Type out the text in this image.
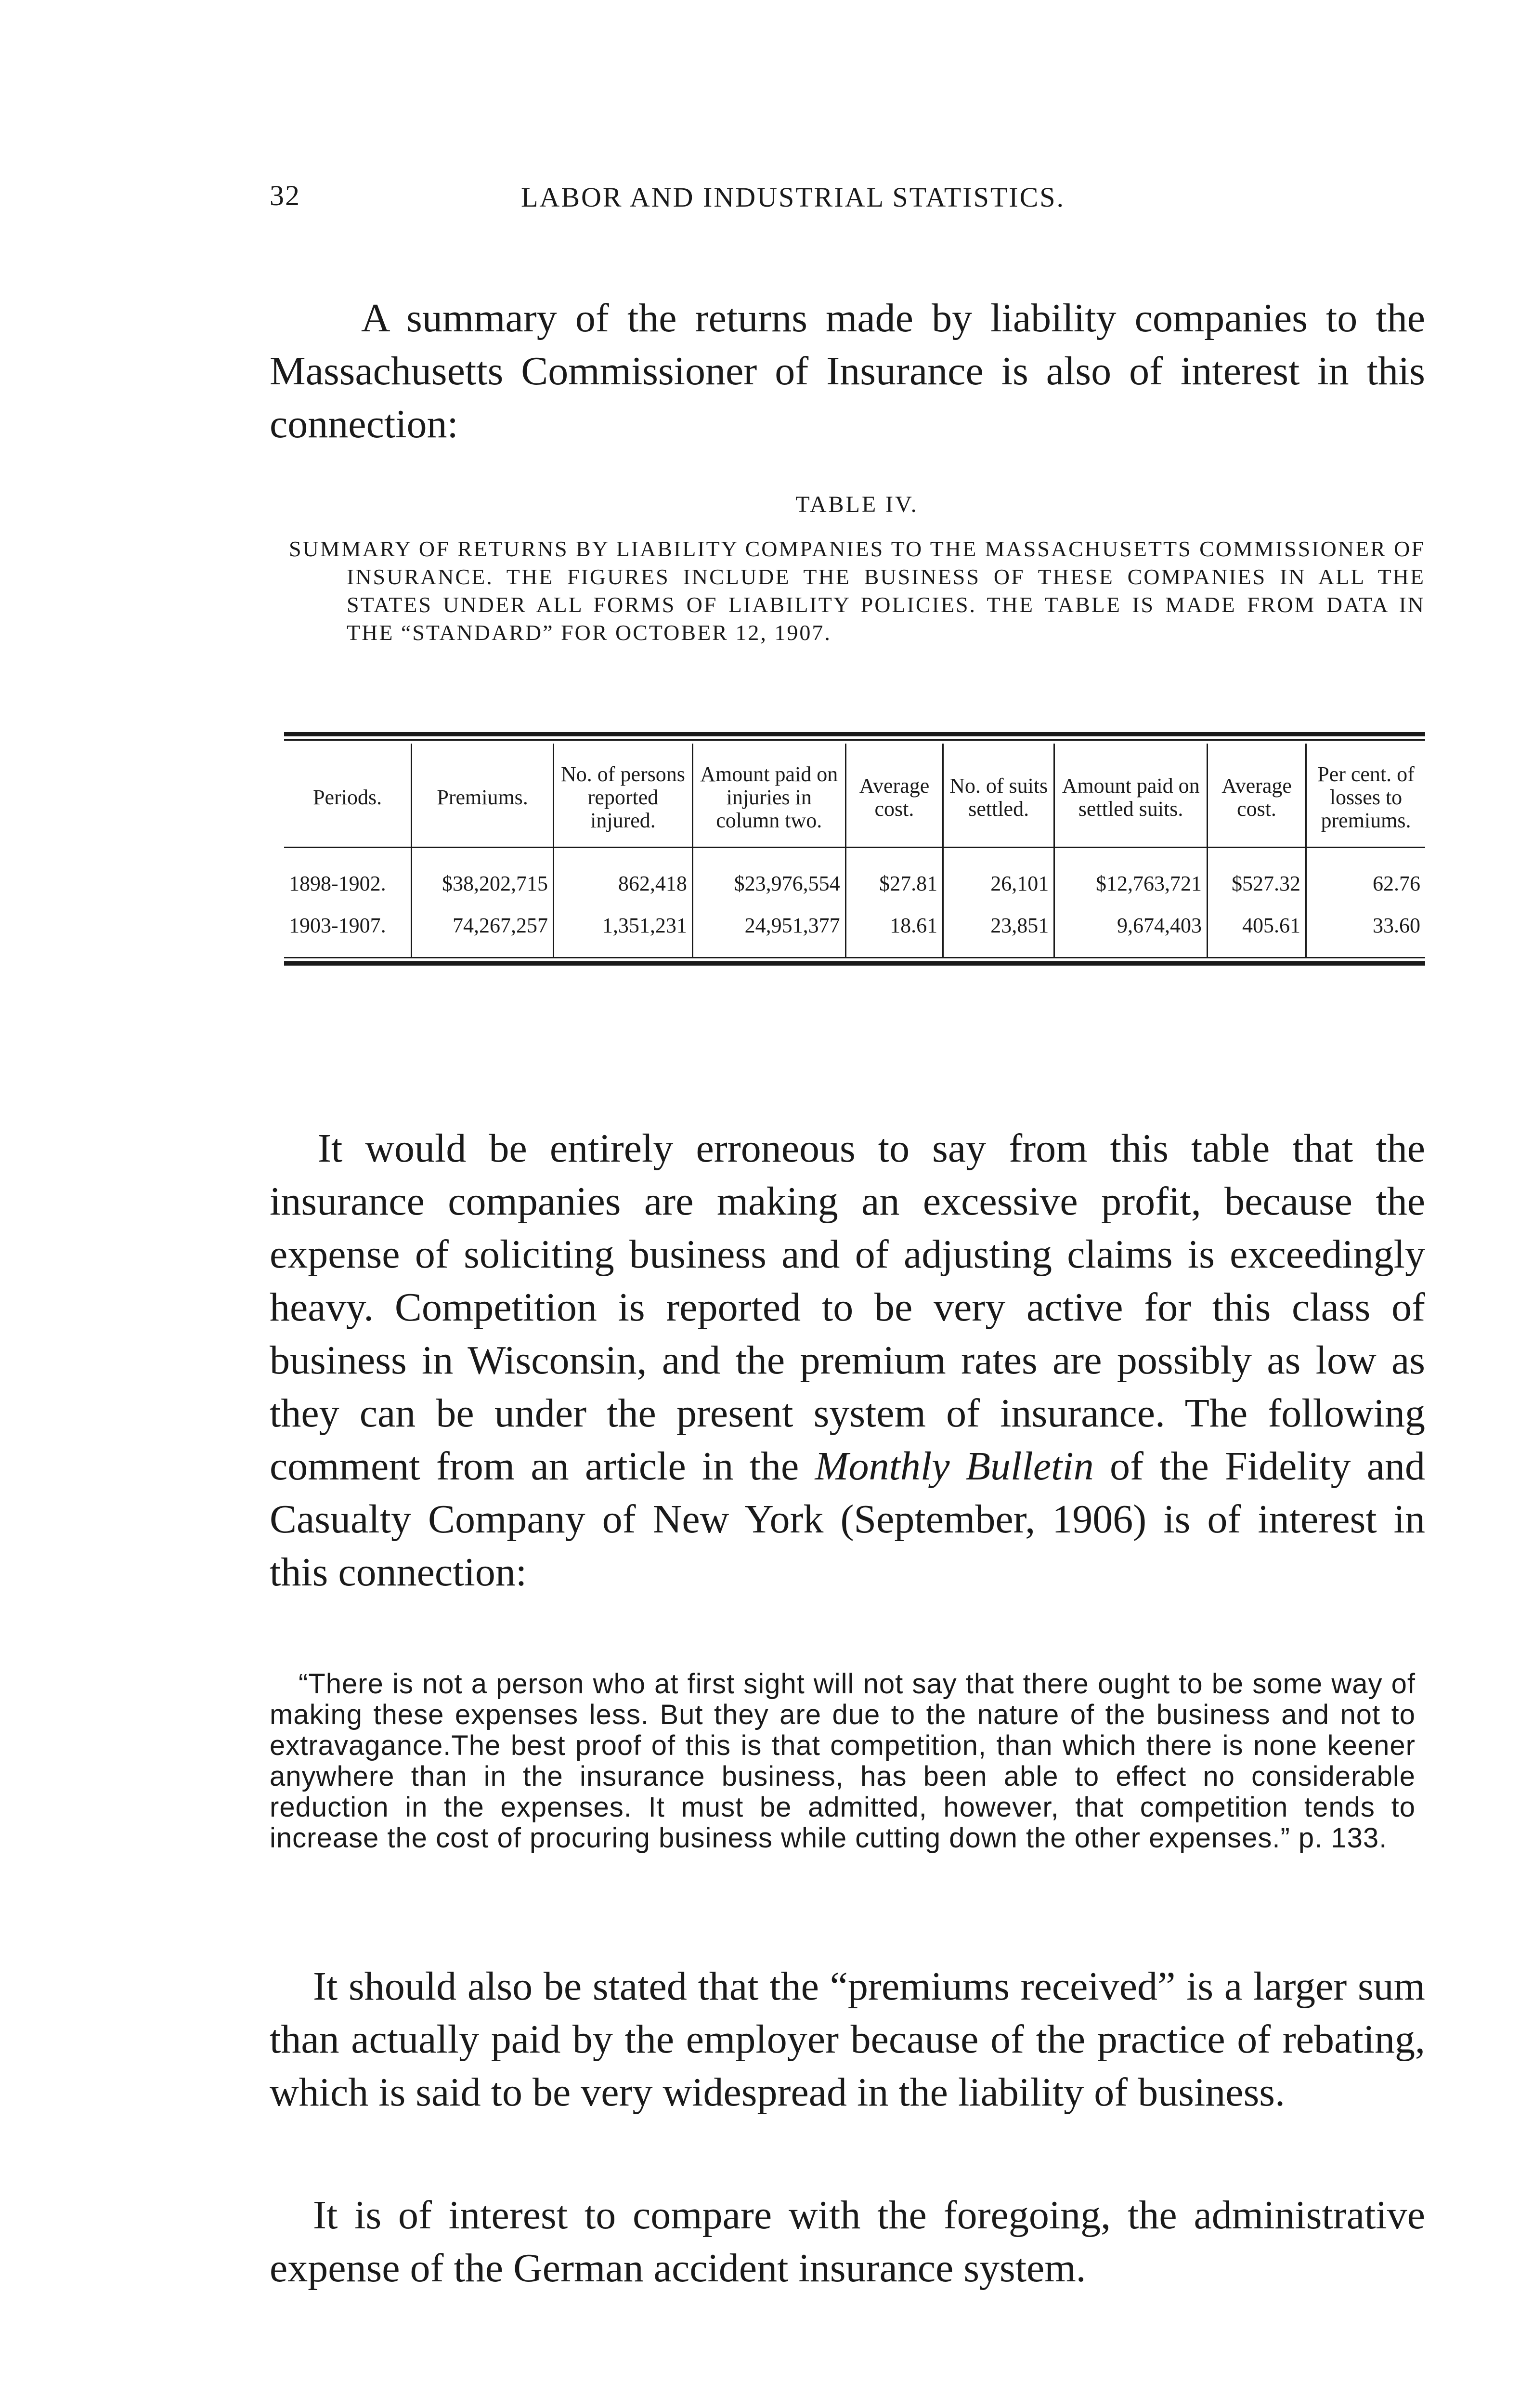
32	LABOR AND INDUSTRIAL STATISTICS.

A summary of the returns made by liability companies to the Massachusetts Commissioner of Insurance is also of interest in this connection:

TABLE IV.

SUMMARY OF RETURNS BY LIABILITY COMPANIES TO THE MASSACHUSETTS COMMISSIONER OF INSURANCE. THE FIGURES INCLUDE THE BUSINESS OF THESE COMPANIES IN ALL THE STATES UNDER ALL FORMS OF LIABILITY POLICIES. THE TABLE IS MADE FROM DATA IN THE “STANDARD” FOR OCTOBER 12, 1907.

Periods.	Premiums.	No. of persons reported injured.	Amount paid on injuries in column two.	Average cost.	No. of suits settled.	Amount paid on settled suits.	Average cost.	Per cent. of losses to premiums.
1898-1902.	$38,202,715	862,418	$23,976,554	$27.81	26,101	$12,763,721	$527.32	62.76
1903-1907.	74,267,257	1,351,231	24,951,377	18.61	23,851	9,674,403	405.61	33.60

It would be entirely erroneous to say from this table that the insurance companies are making an excessive profit, because the expense of soliciting business and of adjusting claims is exceedingly heavy. Competition is reported to be very active for this class of business in Wisconsin, and the premium rates are possibly as low as they can be under the present system of insurance. The following comment from an article in the Monthly Bulletin of the Fidelity and Casualty Company of New York (September, 1906) is of interest in this connection:

“There is not a person who at first sight will not say that there ought to be some way of making these expenses less. But they are due to the nature of the business and not to extravagance.The best proof of this is that competition, than which there is none keener anywhere than in the insurance business, has been able to effect no considerable reduction in the expenses. It must be admitted, however, that competition tends to increase the cost of procuring business while cutting down the other expenses.” p. 133.

It should also be stated that the “premiums received” is a larger sum than actually paid by the employer because of the practice of rebating, which is said to be very widespread in the liability of business.

It is of interest to compare with the foregoing, the administrative expense of the German accident insurance system.
